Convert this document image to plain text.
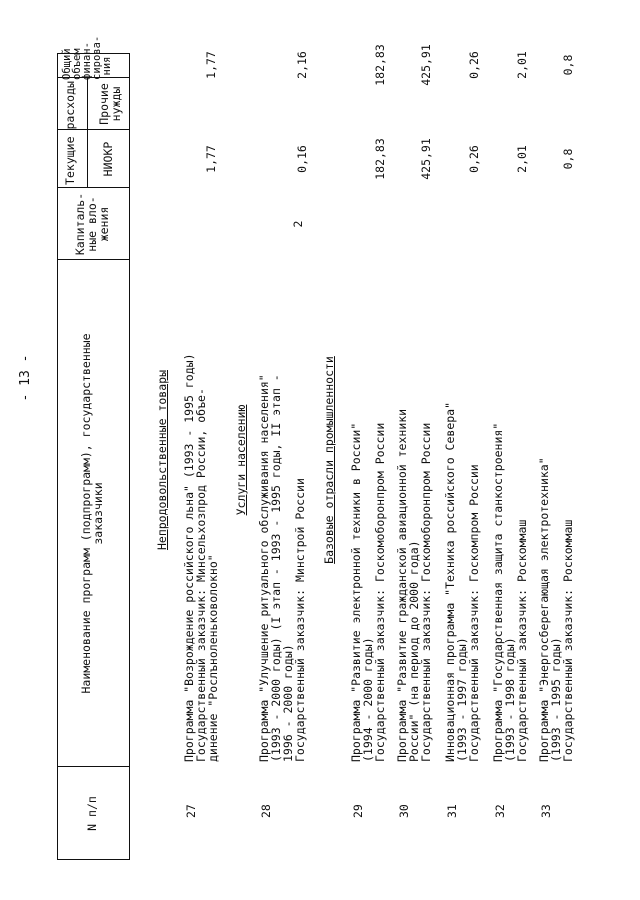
- 13 -
N п/п
Наименование программ (подпрограмм), государственные
заказчики
Капиталь-
ные вло-
жения
Текущие расходы НИОКР
Прочие
нужды
Общий
объем
финан-
сирова-
ния
Непродовольственные товары	Услуги населению	Базовые отрасли промышленности
27
Программа "Возрождение российского льна" (1993 - 1995 годы)
Государственный заказчик: Минсельхозпрод России, объе-
динение "Рослъноленьковолокно"
1,77
1,77
28
Программа "Улучшение ритуального обслуживания населения"
(1993 - 2000 годы) (I этап - 1993 - 1995 годы, II этап -
1996 - 2000 годы)
Государственный заказчик: Минстрой России
2
0,16
2,16
29
Программа "Развитие электронной техники в России"
(1994 - 2000 годы)
Государственный заказчик: Госкомоборонпром России
182,83
182,83
30
Программа "Развитие гражданской авиационной техники
России" (на период до 2000 года)
Государственный заказчик: Госкомоборонпром России
425,91
425,91
31
Инновационная программа "Техника российского Севера"
(1993 - 1997 годы)
Государственный заказчик: Госкомпром России
0,26
0,26
32
Программа "Государственная защита станкостроения"
(1993 - 1998 годы)
Государственный заказчик: Роскоммаш
2,01
2,01
33
Программа "Энергосберегающая электротехника"
(1993 - 1995 годы)
Государственный заказчик: Роскоммаш
0,8
0,8
